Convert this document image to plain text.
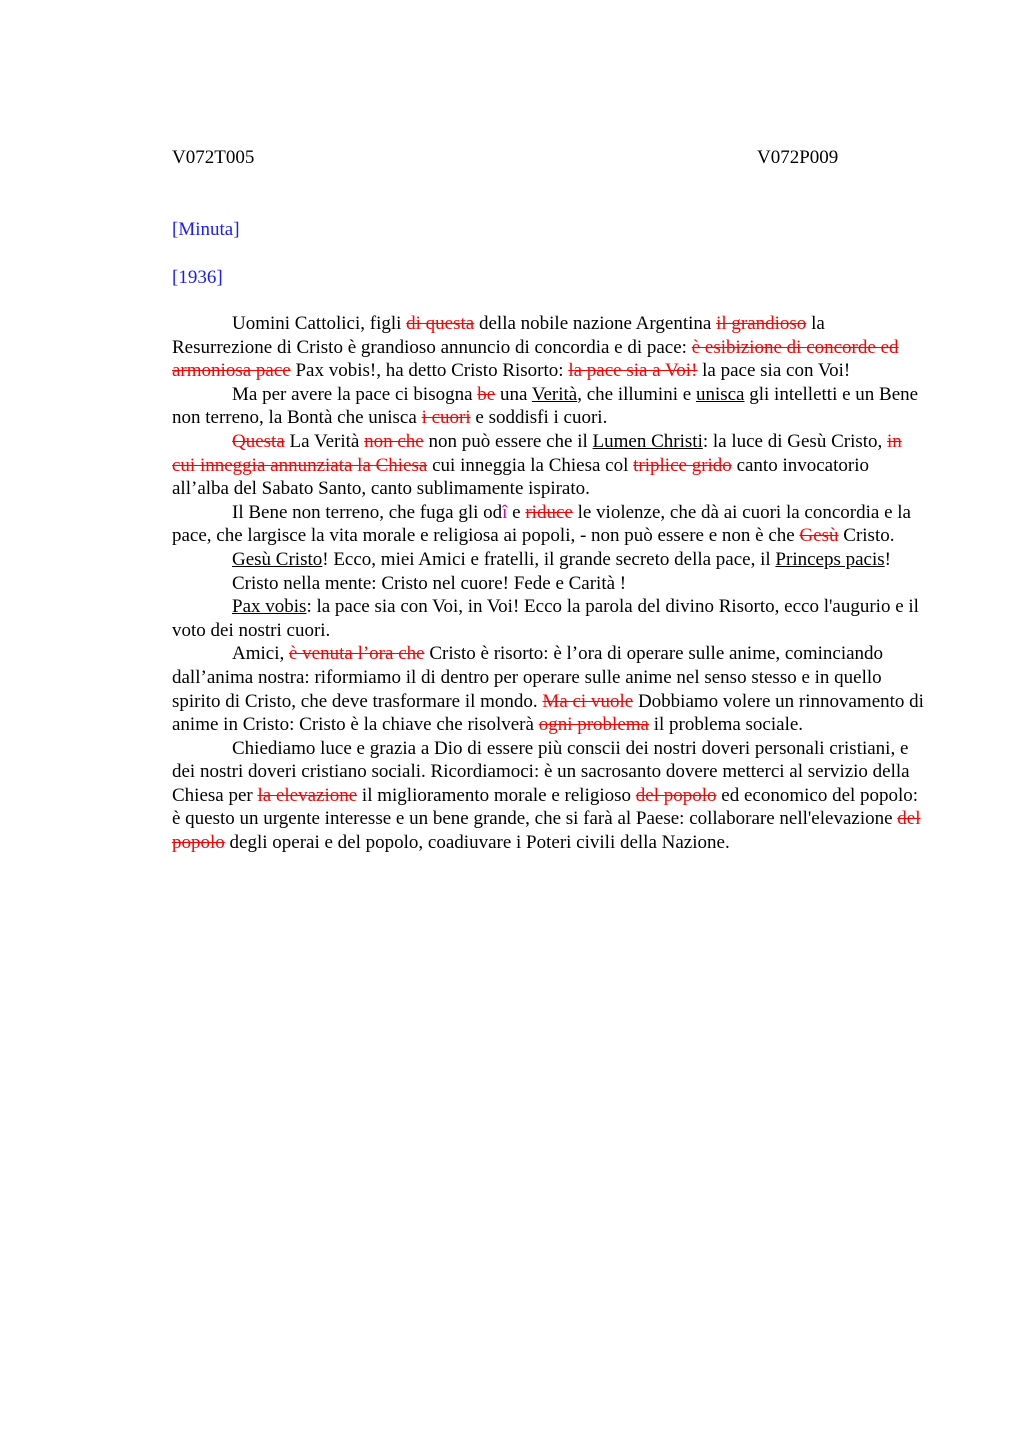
V072T005	V072P009
[Minuta]
[1936]

Uomini Cattolici, figli di questa della nobile nazione Argentina il grandioso la Resurrezione di Cristo è grandioso annuncio di concordia e di pace: è esibizione di concorde ed armoniosa pace Pax vobis!, ha detto Cristo Risorto: la pace sia a Voi! la pace sia con Voi!

Ma per avere la pace ci bisogna be una Verità, che illumini e unisca gli intelletti e un Bene non terreno, la Bontà che unisca i cuori e soddisfi i cuori.

Questa La Verità non che non può essere che il Lumen Christi: la luce di Gesù Cristo, in cui inneggia annunziata la Chiesa cui inneggia la Chiesa col triplice grido canto invocatorio all’alba del Sabato Santo, canto sublimamente ispirato.

Il Bene non terreno, che fuga gli odî e riduce le violenze, che dà ai cuori la concordia e la pace, che largisce la vita morale e religiosa ai popoli, - non può essere e non è che Gesù Cristo.

Gesù Cristo! Ecco, miei Amici e fratelli, il grande secreto della pace, il Princeps pacis!

Cristo nella mente: Cristo nel cuore! Fede e Carità !

Pax vobis: la pace sia con Voi, in Voi! Ecco la parola del divino Risorto, ecco l'augurio e il voto dei nostri cuori.

Amici, è venuta l’ora che Cristo è risorto: è l’ora di operare sulle anime, cominciando dall’anima nostra: riformiamo il di dentro per operare sulle anime nel senso stesso e in quello spirito di Cristo, che deve trasformare il mondo. Ma ci vuole Dobbiamo volere un rinnovamento di anime in Cristo: Cristo è la chiave che risolverà ogni problema il problema sociale.

Chiediamo luce e grazia a Dio di essere più conscii dei nostri doveri personali cristiani, e dei nostri doveri cristiano sociali. Ricordiamoci: è un sacrosanto dovere metterci al servizio della Chiesa per la elevazione il miglioramento morale e religioso del popolo ed economico del popolo: è questo un urgente interesse e un bene grande, che si farà al Paese: collaborare nell'elevazione del popolo degli operai e del popolo, coadiuvare i Poteri civili della Nazione.
